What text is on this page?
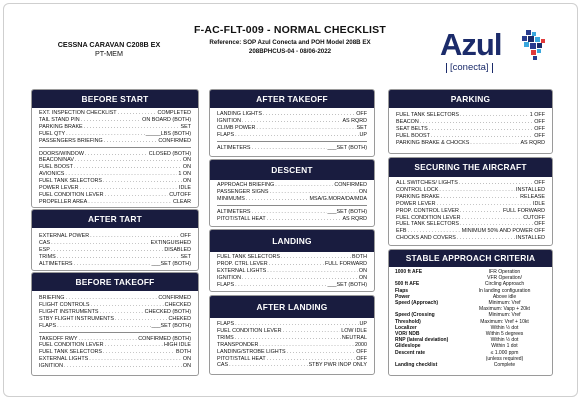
CESSNA CARAVAN C208B EX
PT-MEM
F-AC-FLT-009 - NORMAL CHECKLIST
Reference: SOP Azul Conecta and POH Model 208B EX
208BPHCUS-04 - 08/06-2022	Azul
[conecta]
BEFORE START
EXT. INSPECTION CHECKLIST . . .	COMPLETED
TAIL STAND PIN . . .	ON BOARD (BOTH)
PARKING BRAKE . . .	SET
FUEL QTY . . .	_____LBS (BOTH)
PASSENGERS BRIEFING . . .	CONFIRMED
DOORS/WINDOW . . .	CLOSED (BOTH)
BEACON/NAV . . .	ON
FUEL BOOST . . .	ON
AVIONICS . . .	1 ON
FUEL TANK SELECTORS . . .	ON
POWER LEVER . . .	IDLE
FUEL CONDITION LEVER . . .	CUTOFF
PROPELLER AREA . . .	CLEAR
AFTER TART
EXTERNAL POWER . . .	OFF
CAS . . .	EXTINGUISHED
ESP . . .	DISABLED
TRIMS . . .	SET
ALTIMETERS . . .	___SET (BOTH)
BEFORE TAKEOFF
BRIEFING . . .	CONFIRMED
FLIGHT CONTROLS . . .	CHECKED
FLIGHT INSTRUMENTS . . .	CHECKED (BOTH)
STBY FLIGHT INSTRUMENTS . . .	CHEKED
FLAPS . . .	___SET (BOTH)
TAKEOFF RWY . . .	CONFIRMED (BOTH)
FUEL CONDITION LEVER . . .	HIGH IDLE
FUEL TANK SELECTORS . . .	BOTH
EXTERNAL LIGHTS . . .	ON
IGNITION . . .	ON
AFTER TAKEOFF
LANDING LIGHTS . . .	OFF
IGNITION . . .	AS RQRD
CLIMB POWER . . .	SET
FLAPS . . .	UP
ALTIMETERS . . .	___SET (BOTH)
DESCENT
APPROACH BRIEFING . . .	CONFIRMED
PASSENGER SIGNS . . .	ON
MINIMUMS . . .	MSA/G.MORA/DA/MDA
ALTIMETERS . . .	___SET (BOTH)
PITOT/STALL HEAT . . .	AS RQRD
LANDING
FUEL TANK SELECTORS . . .	BOTH
PROP. CTRL LEVER . . .	FULL FORWARD
EXTERNAL LIGHTS . . .	ON
IGNITION . . .	ON
FLAPS . . .	___SET (BOTH)
AFTER LANDING
FLAPS . . .	UP
FUEL CONDITION LEVER . . .	LOW IDLE
TRIMS . . .	NEUTRAL
TRANSPONDER . . .	2000
LANDING/STROBE LIGHTS . . .	OFF
PITOT/STALL HEAT . . .	OFF
CAS . . .	STBY PWR INOP ONLY
PARKING
FUEL TANK SELECTORS . . .	1 OFF
BEACON . . .	OFF
SEAT BELTS . . .	OFF
FUEL BOOST . . .	OFF
PARKING BRAKE & CHOCKS . . .	AS RQRD
SECURING THE AIRCRAFT
ALL SWITCHES/ LIGHTS . . .	OFF
CONTROL LOCK . . .	INSTALLED
PARKING BRAKE . . .	RELEASE
POWER LEVER . . .	IDLE
PROP. CONTROL LEVER . . .	FULL FORWARD
FUEL CONDITION LEVER . . .	CUTOFF
FUEL TANK SELECTORS . . .	OFF
EFB . . .	MINIMUM 50% AND POWER OFF
CHOCKS AND COVERS . . .	INSTALLED
STABLE APPROACH CRITERIA
1000 ft AFE	IFR Operation
VFR Operation/
500 ft AFE	Circling Approach
Flaps	In landing configuration
Power	Above idle
Speed (Approach)	Minimum: Vref
Maximum: Vapp + 20kt
Speed (Crossing	Minimum: Vref
Threshold)	Maximum: Vref + 10kt
Localizer	Within ½ dot
VOR/ NDB	Within 5 degrees
RNP (lateral deviation)	Within ½ dot
Glideslope	Within 1 dot
Descent rate	≤ 1.000 ppm
(unless required)
Landing checklist	Complete
